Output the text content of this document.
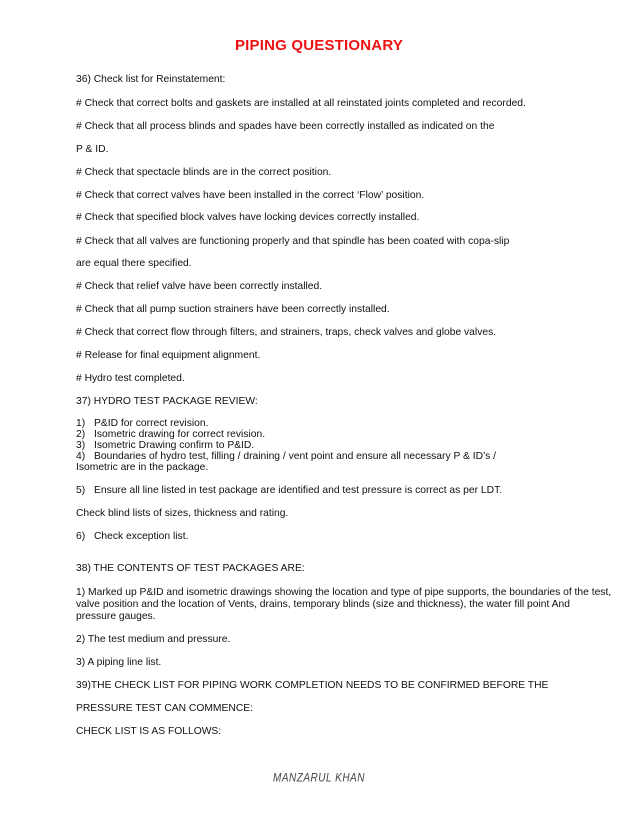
PIPING QUESTIONARY
36) Check list for Reinstatement:
# Check that correct bolts and gaskets are installed at all reinstated joints completed and recorded.
# Check that all process blinds and spades have been correctly installed as indicated on the
P & ID.
# Check that spectacle blinds are in the correct position.
# Check that correct valves have been installed in the correct ‘Flow’ position.
# Check that specified block valves have locking devices correctly installed.
# Check that all valves are functioning properly and that spindle has been coated with copa-slip
are equal there specified.
# Check that relief valve have been correctly installed.
# Check that all pump suction strainers have been correctly installed.
# Check that correct flow through filters, and strainers, traps, check valves and globe valves.
# Release for final equipment alignment.
# Hydro test completed.
37) HYDRO TEST PACKAGE REVIEW:
1) P&ID for correct revision.
2) Isometric drawing for correct revision.
3) Isometric Drawing confirm to P&ID.
4) Boundaries of hydro test, filling / draining / vent point and ensure all necessary P & ID’s /
Isometric are in the package.
5) Ensure all line listed in test package are identified and test pressure is correct as per LDT.
Check blind lists of sizes, thickness and rating.
6) Check exception list.
38) THE CONTENTS OF TEST PACKAGES ARE:
1) Marked up P&ID and isometric drawings showing the location and type of pipe supports, the boundaries of the test,
valve position and the location of Vents, drains, temporary blinds (size and thickness), the water fill point And
pressure gauges.
2) The test medium and pressure.
3) A piping line list.
39)THE CHECK LIST FOR PIPING WORK COMPLETION NEEDS TO BE CONFIRMED BEFORE THE
PRESSURE TEST CAN COMMENCE:
CHECK LIST IS AS FOLLOWS:
MANZARUL KHAN
